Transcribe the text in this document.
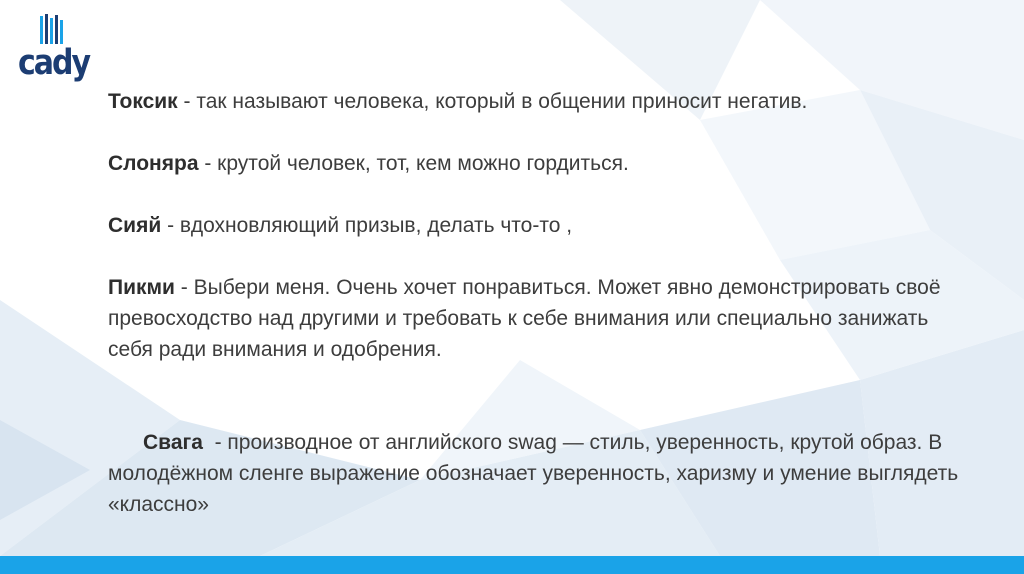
cady

Токсик - так называют человека, который в общении приносит негатив.

Слоняра - крутой человек, тот, кем можно гордиться.

Сияй - вдохновляющий призыв, делать что-то ,

Пикми - Выбери меня. Очень хочет понравиться. Может явно демонстрировать своё превосходство над другими и требовать к себе внимания или специально занижать себя ради внимания и одобрения.

Свага  - производное от английского swag — стиль, уверенность, крутой образ. В молодёжном сленге выражение обозначает уверенность, харизму и умение выглядеть «классно»
